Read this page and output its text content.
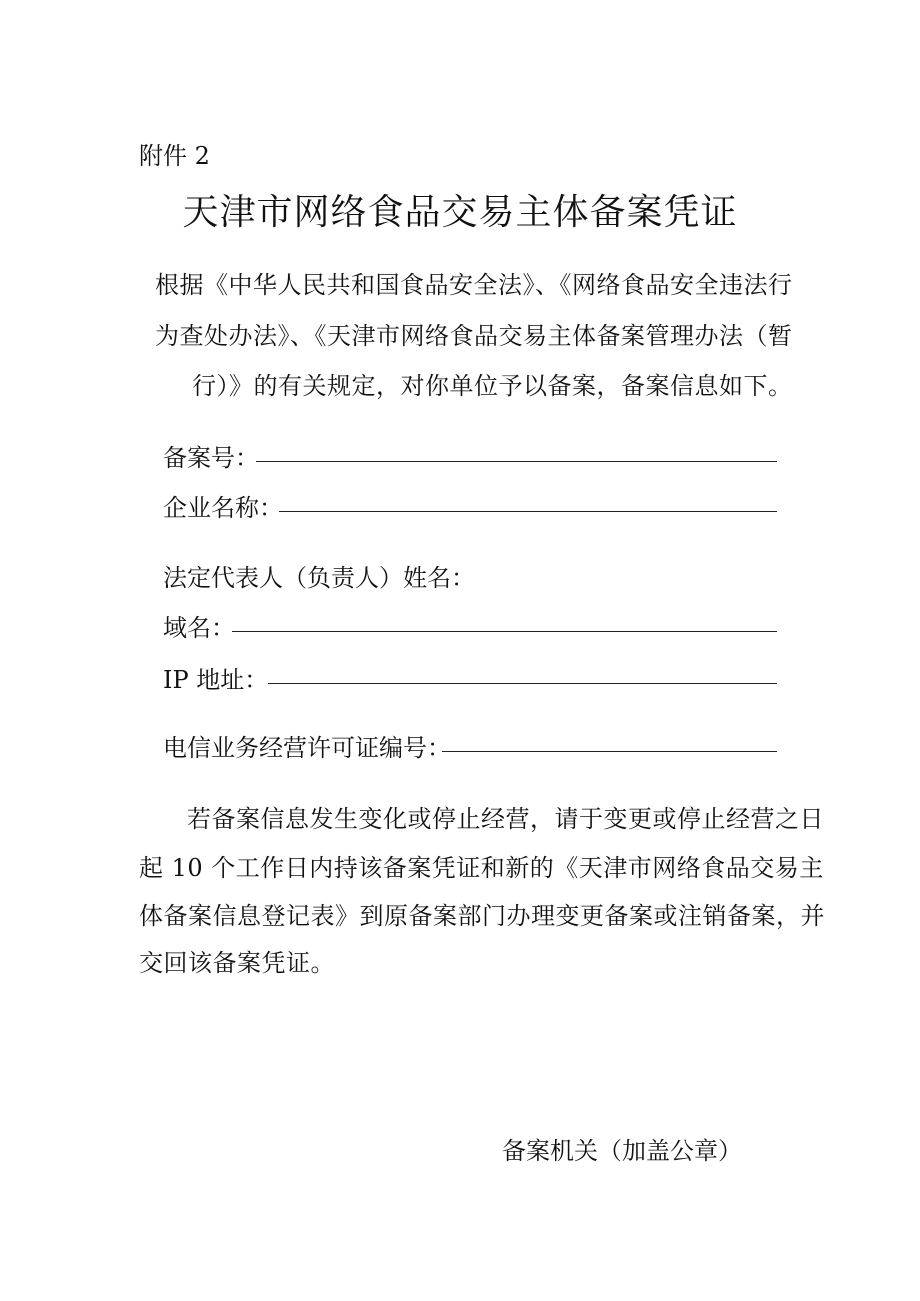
附件 2
天津市网络食品交易主体备案凭证
根据《中华人民共和国食品安全法》、《网络食品安全违法行
为查处办法》、《天津市网络食品交易主体备案管理办法（暂
行）》的有关规定，对你单位予以备案，备案信息如下。
备案号：
企业名称：
法定代表人（负责人）姓名：
域名：
IP 地址：
电信业务经营许可证编号：
若备案信息发生变化或停止经营，请于变更或停止经营之日
起 10 个工作日内持该备案凭证和新的《天津市网络食品交易主
体备案信息登记表》到原备案部门办理变更备案或注销备案，并
交回该备案凭证。
备案机关（加盖公章）
